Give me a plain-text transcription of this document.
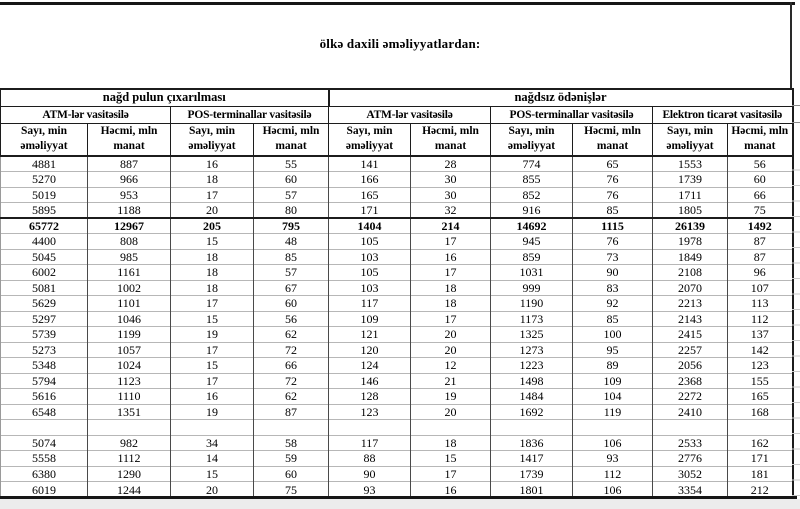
ölkə daxili əməliyyatlardan:
nağd pulun çıxarılması				nağdsız ödənişlər					
ATM-lər vasitəsilə		POS-terminallar vasitəsilə		ATM-lər vasitəsilə		POS-terminallar vasitəsilə		Elektron ticarət vasitəsilə	
Sayı, min əməliyyat	Həcmi, mln manat	Sayı, min əməliyyat	Həcmi, mln manat	Sayı, min əməliyyat	Həcmi, mln manat	Sayı, min əməliyyat	Həcmi, mln manat	Sayı, min əməliyyat	Həcmi, mln manat
4881	887	16	55	141	28	774	65	1553	56
5270	966	18	60	166	30	855	76	1739	60
5019	953	17	57	165	30	852	76	1711	66
5895	1188	20	80	171	32	916	85	1805	75
65772	12967	205	795	1404	214	14692	1115	26139	1492
4400	808	15	48	105	17	945	76	1978	87
5045	985	18	85	103	16	859	73	1849	87
6002	1161	18	57	105	17	1031	90	2108	96
5081	1002	18	67	103	18	999	83	2070	107
5629	1101	17	60	117	18	1190	92	2213	113
5297	1046	15	56	109	17	1173	85	2143	112
5739	1199	19	62	121	20	1325	100	2415	137
5273	1057	17	72	120	20	1273	95	2257	142
5348	1024	15	66	124	12	1223	89	2056	123
5794	1123	17	72	146	21	1498	109	2368	155
5616	1110	16	62	128	19	1484	104	2272	165
6548	1351	19	87	123	20	1692	119	2410	168

5074	982	34	58	117	18	1836	106	2533	162
5558	1112	14	59	88	15	1417	93	2776	171
6380	1290	15	60	90	17	1739	112	3052	181
6019	1244	20	75	93	16	1801	106	3354	212
